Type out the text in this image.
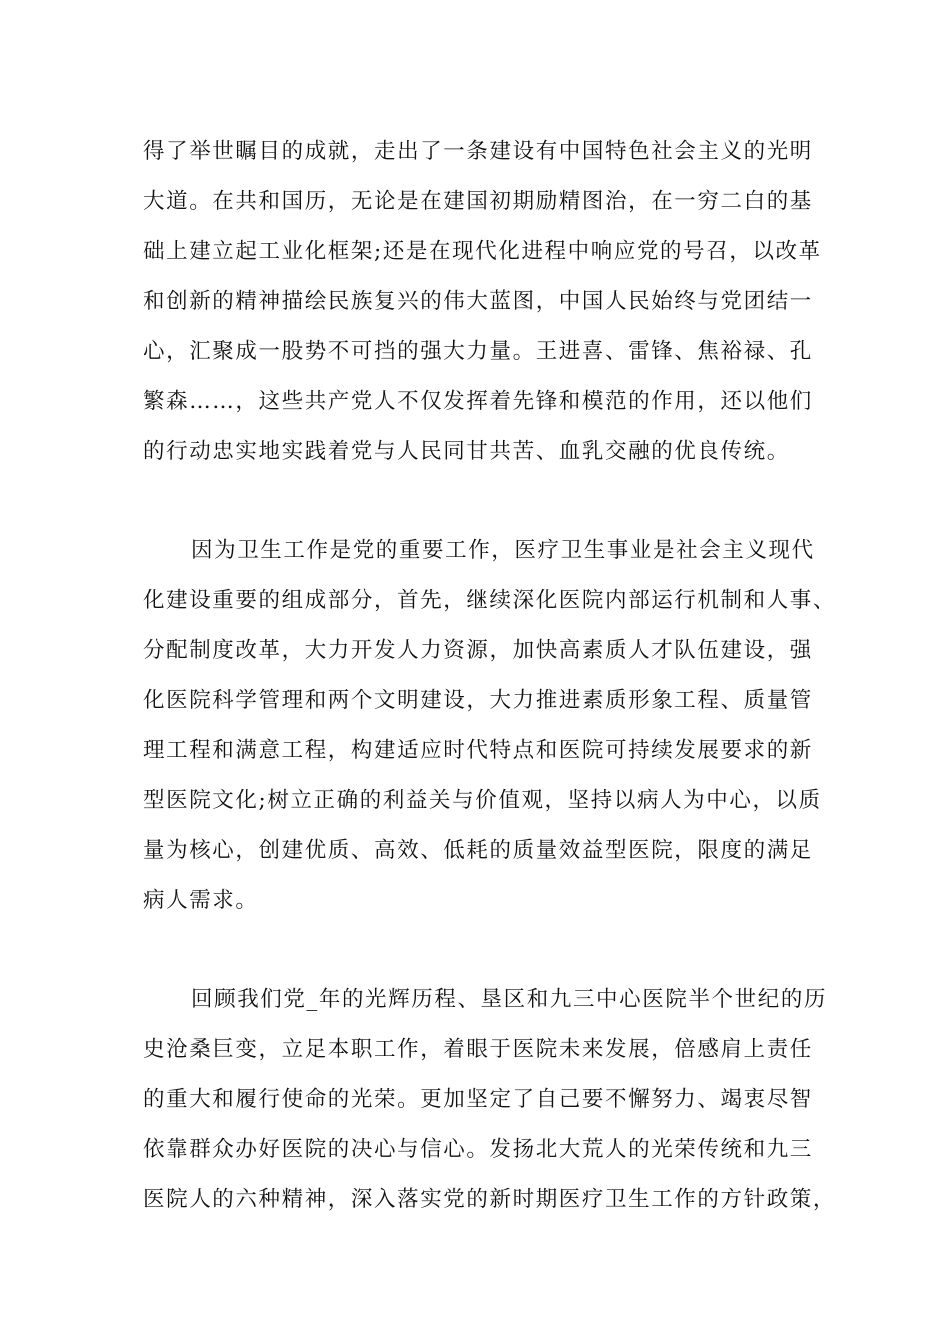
得了举世瞩目的成就，走出了一条建设有中国特色社会主义的光明
大道。在共和国历，无论是在建国初期励精图治，在一穷二白的基
础上建立起工业化框架;还是在现代化进程中响应党的号召，以改革
和创新的精神描绘民族复兴的伟大蓝图，中国人民始终与党团结一
心，汇聚成一股势不可挡的强大力量。王进喜、雷锋、焦裕禄、孔
繁森……，这些共产党人不仅发挥着先锋和模范的作用，还以他们
的行动忠实地实践着党与人民同甘共苦、血乳交融的优良传统。
因为卫生工作是党的重要工作，医疗卫生事业是社会主义现代
化建设重要的组成部分，首先，继续深化医院内部运行机制和人事、
分配制度改革，大力开发人力资源，加快高素质人才队伍建设，强
化医院科学管理和两个文明建设，大力推进素质形象工程、质量管
理工程和满意工程，构建适应时代特点和医院可持续发展要求的新
型医院文化;树立正确的利益关与价值观，坚持以病人为中心，以质
量为核心，创建优质、高效、低耗的质量效益型医院，限度的满足
病人需求。
回顾我们党_年的光辉历程、垦区和九三中心医院半个世纪的历
史沧桑巨变，立足本职工作，着眼于医院未来发展，倍感肩上责任
的重大和履行使命的光荣。更加坚定了自己要不懈努力、竭衷尽智
依靠群众办好医院的决心与信心。发扬北大荒人的光荣传统和九三
医院人的六种精神，深入落实党的新时期医疗卫生工作的方针政策，
